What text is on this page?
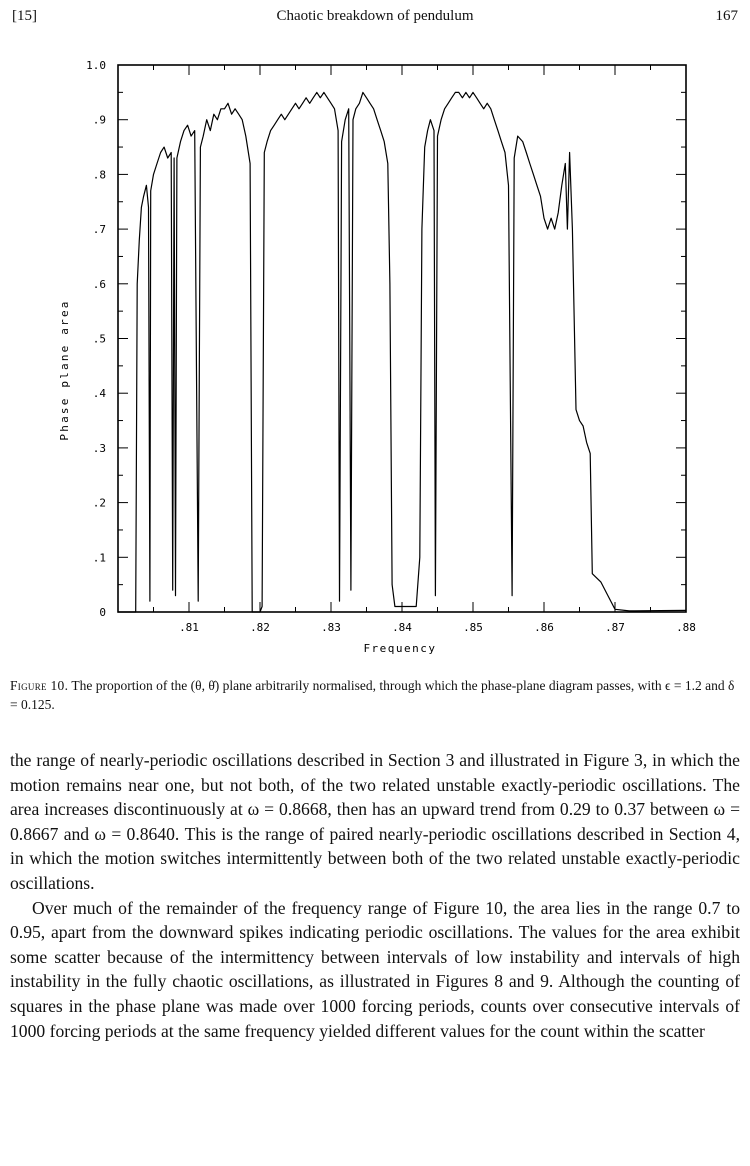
[15]	Chaotic breakdown of pendulum	167
0
.1
.2
.3
.4
.5
.6
.7
.8
.9
1.0
.81	.82	.83	.84	.85	.86	.87	.88
Frequency
Phase plane area
Figure 10. The proportion of the (θ, θ̇) plane arbitrarily normalised, through which the phase-plane diagram passes, with ϵ = 1.2 and δ = 0.125.

the range of nearly-periodic oscillations described in Section 3 and illustrated in Figure 3, in which the motion remains near one, but not both, of the two related unstable exactly-periodic oscillations. The area increases discontinuously at ω = 0.8668, then has an upward trend from 0.29 to 0.37 between ω = 0.8667 and ω = 0.8640. This is the range of paired nearly-periodic oscillations described in Section 4, in which the motion switches intermittently between both of the two related unstable exactly-periodic oscillations.

Over much of the remainder of the frequency range of Figure 10, the area lies in the range 0.7 to 0.95, apart from the downward spikes indicating periodic oscillations. The values for the area exhibit some scatter because of the intermittency between intervals of low instability and intervals of high instability in the fully chaotic oscillations, as illustrated in Figures 8 and 9. Although the counting of squares in the phase plane was made over 1000 forcing periods, counts over consecutive intervals of 1000 forcing periods at the same frequency yielded different values for the count within the scatter
